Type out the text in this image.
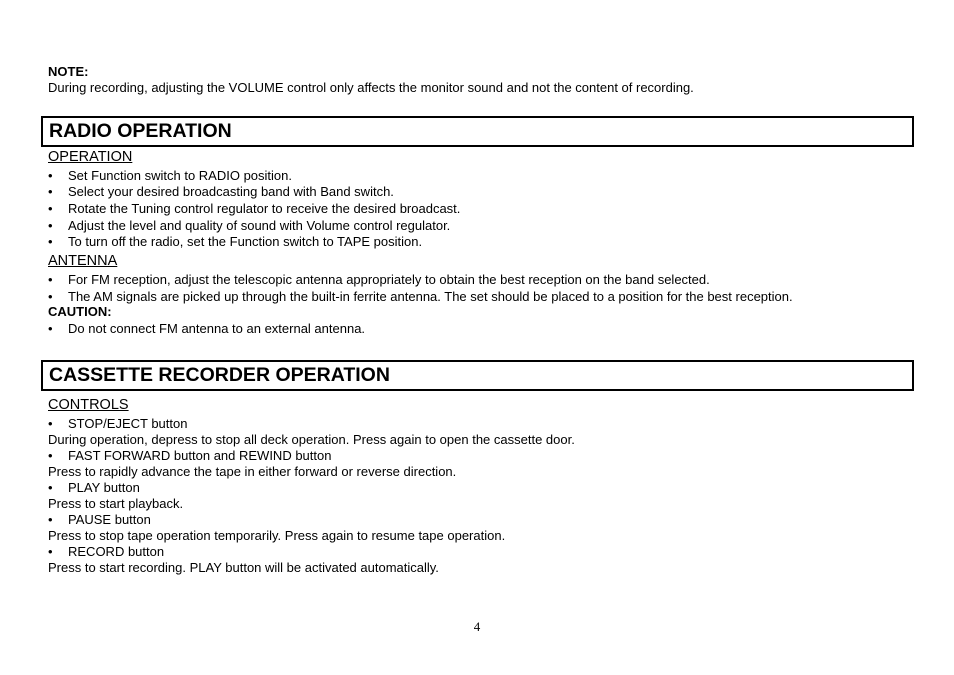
NOTE:
During recording, adjusting the VOLUME control only affects the monitor sound and not the content of recording.
RADIO OPERATION
OPERATION
• Set Function switch to RADIO position.
• Select your desired broadcasting band with Band switch.
• Rotate the Tuning control regulator to receive the desired broadcast.
• Adjust the level and quality of sound with Volume control regulator.
• To turn off the radio, set the Function switch to TAPE position.
ANTENNA
• For FM reception, adjust the telescopic antenna appropriately to obtain the best reception on the band selected.
• The AM signals are picked up through the built-in ferrite antenna. The set should be placed to a position for the best reception.
CAUTION:
• Do not connect FM antenna to an external antenna.
CASSETTE RECORDER OPERATION
CONTROLS
• STOP/EJECT button
During operation, depress to stop all deck operation. Press again to open the cassette door.
• FAST FORWARD button and REWIND button
Press to rapidly advance the tape in either forward or reverse direction.
• PLAY button
Press to start playback.
• PAUSE button
Press to stop tape operation temporarily. Press again to resume tape operation.
• RECORD button
Press to start recording. PLAY button will be activated automatically.
4
